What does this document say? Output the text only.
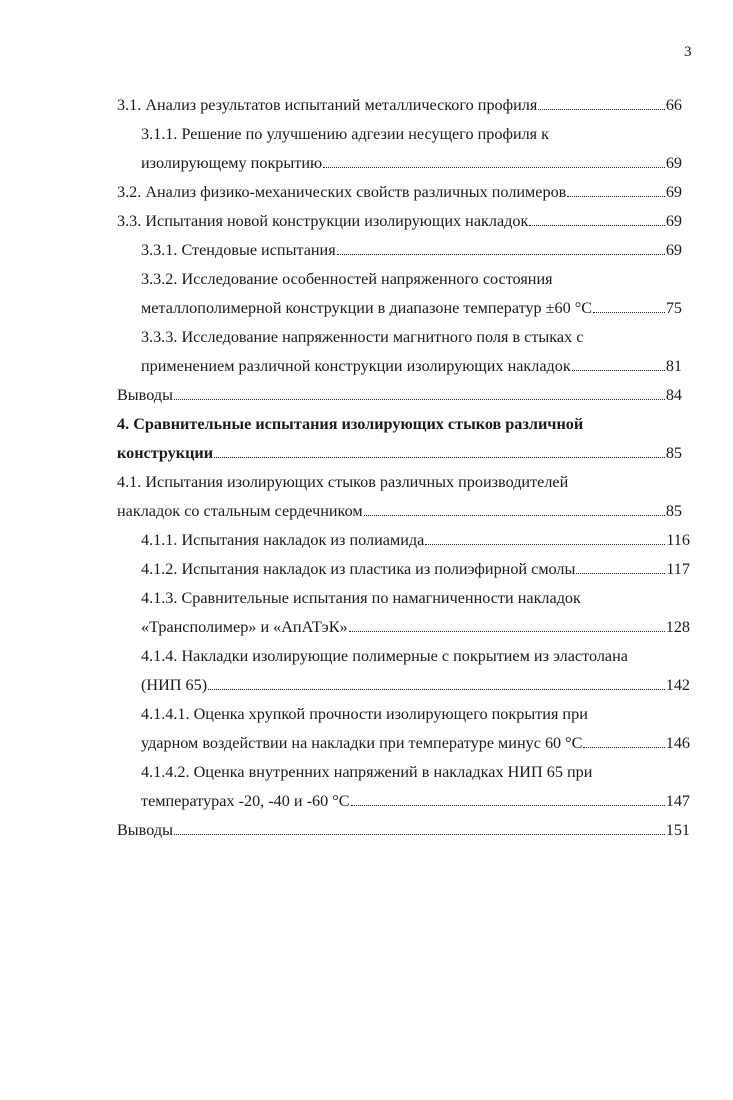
3
3.1. Анализ результатов испытаний металлического профиля	66
3.1.1. Решение по улучшению адгезии несущего профиля к
изолирующему покрытию	69
3.2. Анализ физико-механических свойств различных полимеров	69
3.3. Испытания новой конструкции изолирующих накладок	69
3.3.1. Стендовые испытания	69
3.3.2. Исследование особенностей напряженного состояния
металлополимерной конструкции в диапазоне температур ±60 °С	75
3.3.3. Исследование напряженности магнитного поля в стыках с
применением различной конструкции изолирующих накладок	81
Выводы	84
4. Сравнительные испытания изолирующих стыков различной
конструкции	85
4.1. Испытания изолирующих стыков различных производителей
накладок со стальным сердечником	85
4.1.1. Испытания накладок из полиамида	116
4.1.2. Испытания накладок из пластика из полиэфирной смолы	117
4.1.3. Сравнительные испытания по намагниченности накладок
«Трансполимер» и «АпАТэК»	128
4.1.4. Накладки изолирующие полимерные с покрытием из эластолана
(НИП 65)	142
4.1.4.1. Оценка хрупкой прочности изолирующего покрытия при
ударном воздействии на накладки при температуре минус 60 °С	146
4.1.4.2. Оценка внутренних напряжений в накладках НИП 65 при
температурах -20, -40 и -60 °С	147
Выводы	151
